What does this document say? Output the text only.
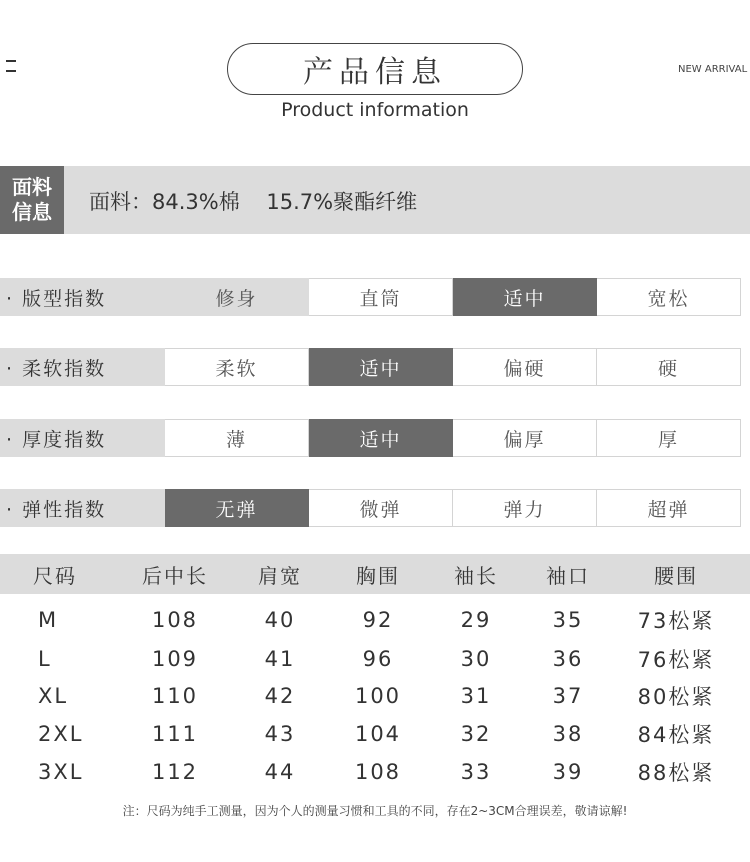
产品信息
Product information
NEW ARRIVAL
面料
信息 面料：84.3%棉    15.7%聚酯纤维
· 版型指数	修身	直筒	适中	宽松
· 柔软指数	柔软	适中	偏硬	硬
· 厚度指数	薄	适中	偏厚	厚
· 弹性指数	无弹	微弹	弹力	超弹
尺码	后中长	肩宽	胸围	袖长	袖口	腰围
M	108	40	92	29	35	73松紧
L	109	41	96	30	36	76松紧
XL	110	42	100	31	37	80松紧
2XL	111	43	104	32	38	84松紧
3XL	112	44	108	33	39	88松紧
注：尺码为纯手工测量，因为个人的测量习惯和工具的不同，存在2~3CM合理误差，敬请谅解!
